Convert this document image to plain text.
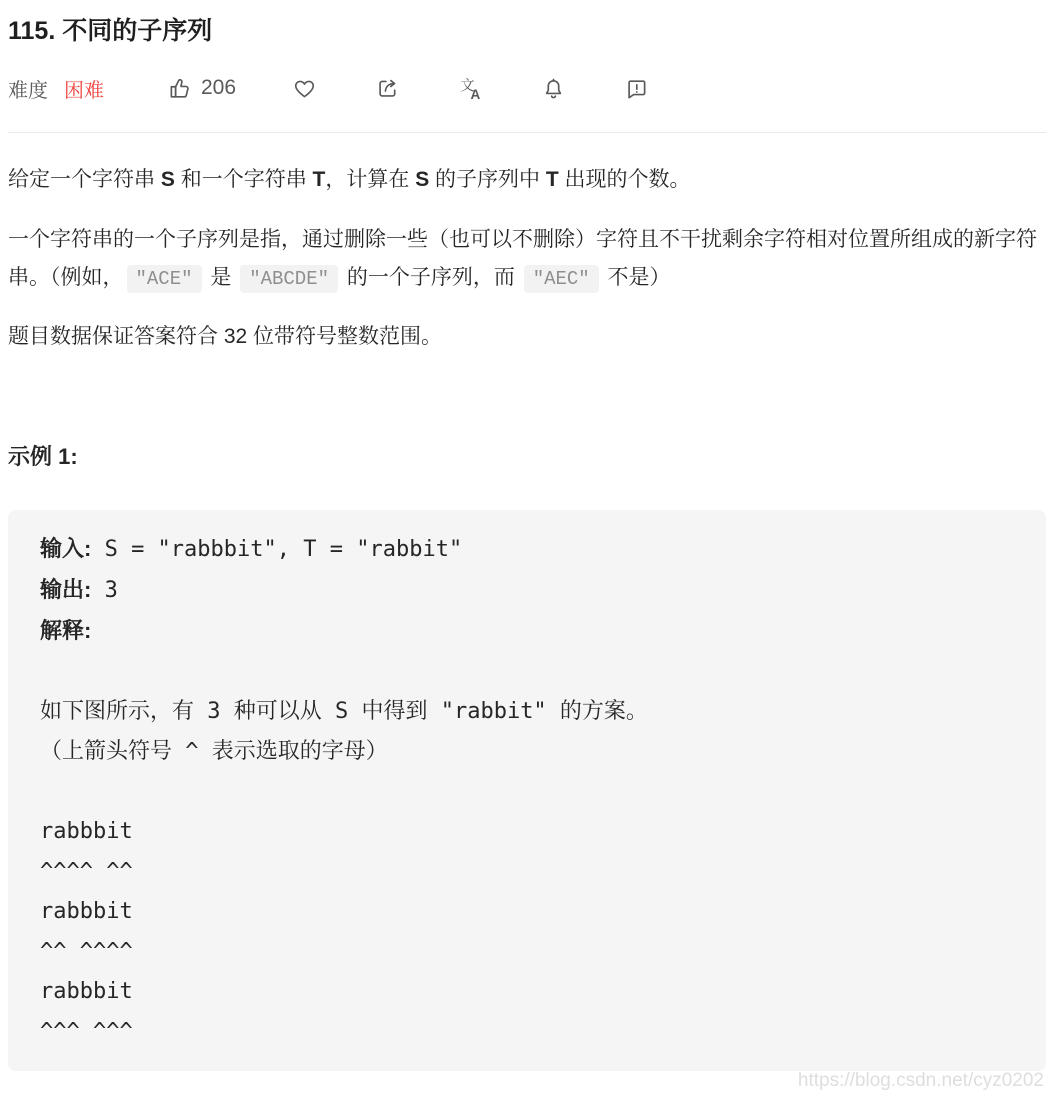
115. 不同的子序列
难度 困难	206	文
A

给定一个字符串 S 和一个字符串 T，计算在 S 的子序列中 T 出现的个数。

一个字符串的一个子序列是指，通过删除一些（也可以不删除）字符且不干扰剩余字符相对位置所组成的新字符串。（例如， "ACE" 是 "ABCDE" 的一个子序列，而 "AEC" 不是）

题目数据保证答案符合 32 位带符号整数范围。

示例 1:
输入: S = "rabbbit", T = "rabbit"
输出: 3
解释:
如下图所示，有 3 种可以从 S 中得到 "rabbit" 的方案。
（上箭头符号 ^ 表示选取的字母）
rabbbit
^^^^ ^^
rabbbit
^^ ^^^^
rabbbit
^^^ ^^^
https://blog.csdn.net/cyz0202
